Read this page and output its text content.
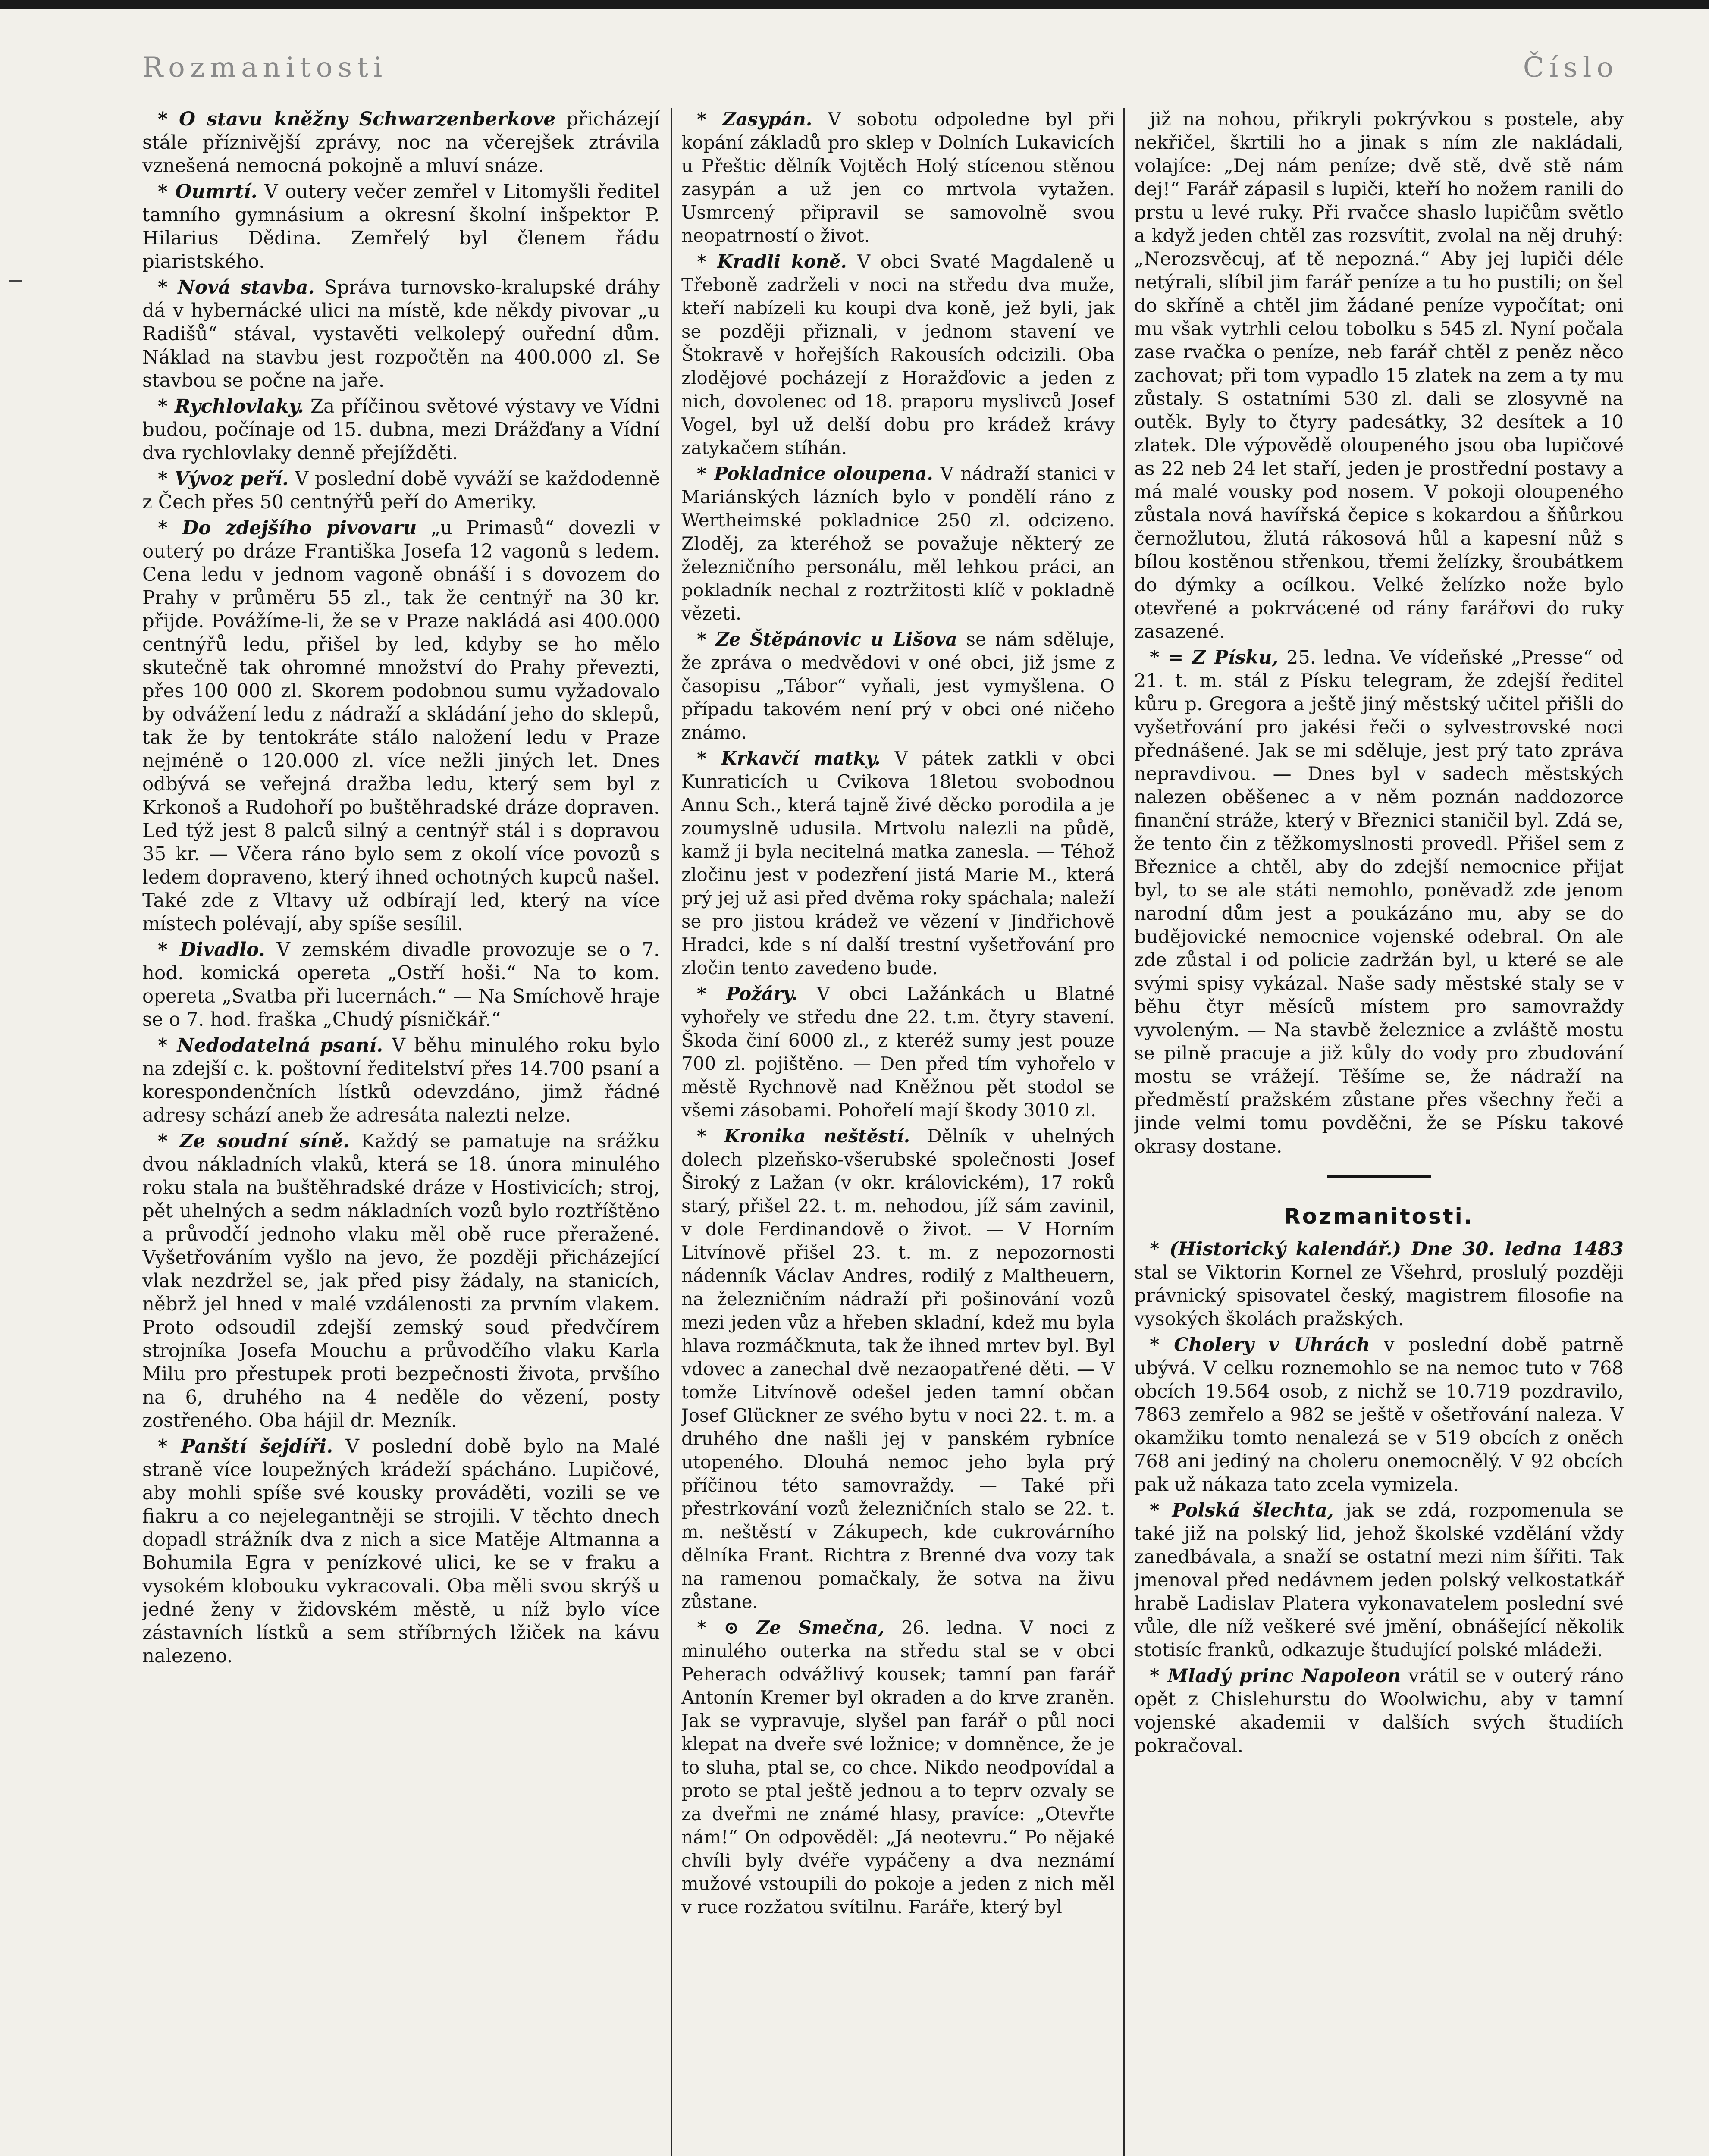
Rozmanitosti	Číslo

* O stavu kněžny Schwarzenberkove přicházejí stále příznivější zprávy, noc na včerejšek ztrávila vznešená nemocná pokojně a mluví snáze.

* Oumrtí. V outery večer zemřel v Litomyšli ředitel tamního gymnásium a okresní školní inšpektor P. Hilarius Dědina. Zemřelý byl členem řádu piaristského.

* Nová stavba. Správa turnovsko-kralupské dráhy dá v hybernácké ulici na místě, kde někdy pivovar „u Radišů“ stával, vystavěti velkolepý ouřední dům. Náklad na stavbu jest rozpočtěn na 400.000 zl. Se stavbou se počne na jaře.

* Rychlovlaky. Za příčinou světové výstavy ve Vídni budou, počínaje od 15. dubna, mezi Drážďany a Vídní dva rychlovlaky denně přejížděti.

* Vývoz peří. V poslední době vyváží se každodenně z Čech přes 50 centnýřů peří do Ameriky.

* Do zdejšího pivovaru „u Primasů“ dovezli v outerý po dráze Františka Josefa 12 vagonů s ledem. Cena ledu v jednom vagoně obnáší i s dovozem do Prahy v průměru 55 zl., tak že centnýř na 30 kr. přijde. Povážíme-li, že se v Praze nakládá asi 400.000 centnýřů ledu, přišel by led, kdyby se ho mělo skutečně tak ohromné množství do Prahy převezti, přes 100 000 zl. Skorem podobnou sumu vyžadovalo by odvážení ledu z nádraží a skládání jeho do sklepů, tak že by tentokráte stálo naložení ledu v Praze nejméně o 120.000 zl. více nežli jiných let. Dnes odbývá se veřejná dražba ledu, který sem byl z Krkonoš a Rudohoří po buštěhradské dráze dopraven. Led týž jest 8 palců silný a centnýř stál i s dopravou 35 kr. — Včera ráno bylo sem z okolí více povozů s ledem dopraveno, který ihned ochotných kupců našel. Také zde z Vltavy už odbírají led, který na více místech polévají, aby spíše sesílil.

* Divadlo. V zemském divadle provozuje se o 7. hod. komická opereta „Ostří hoši.“ Na to kom. opereta „Svatba při lucernách.“ — Na Smíchově hraje se o 7. hod. fraška „Chudý písničkář.“

* Nedodatelná psaní. V běhu minulého roku bylo na zdejší c. k. poštovní ředitelství přes 14.700 psaní a korespondenčních lístků odevzdáno, jimž řádné adresy schází aneb že adresáta nalezti nelze.

* Ze soudní síně. Každý se pamatuje na srážku dvou nákladních vlaků, která se 18. února minulého roku stala na buštěhradské dráze v Hostivicích; stroj, pět uhelných a sedm nákladních vozů bylo roztříštěno a průvodčí jednoho vlaku měl obě ruce přeražené. Vyšetřováním vyšlo na jevo, že později přicházející vlak nezdržel se, jak před pisy žádaly, na stanicích, něbrž jel hned v malé vzdálenosti za prvním vlakem. Proto odsoudil zdejší zemský soud předvčírem strojníka Josefa Mouchu a průvodčího vlaku Karla Milu pro přestupek proti bezpečnosti života, prvšího na 6, druhého na 4 neděle do vězení, posty zostřeného. Oba hájil dr. Mezník.

* Panští šejdíři. V poslední době bylo na Malé straně více loupežných krádeží spácháno. Lupičové, aby mohli spíše své kousky prováděti, vozili se ve fiakru a co nejelegantněji se strojili. V těchto dnech dopadl strážník dva z nich a sice Matěje Altmanna a Bohumila Egra v penízkové ulici, ke se v fraku a vysokém klobouku vykracovali. Oba měli svou skrýš u jedné ženy v židovském městě, u níž bylo více zástavních lístků a sem stříbrných lžiček na kávu nalezeno.

* Zasypán. V sobotu odpoledne byl při kopání základů pro sklep v Dolních Lukavicích u Přeštic dělník Vojtěch Holý stícenou stěnou zasypán a už jen co mrtvola vytažen. Usmrcený připravil se samovolně svou neopatrností o život.

* Kradli koně. V obci Svaté Magdaleně u Třeboně zadrželi v noci na středu dva muže, kteří nabízeli ku koupi dva koně, jež byli, jak se později přiznali, v jednom stavení ve Štokravě v hořejších Rakousích odcizili. Oba zlodějové pocházejí z Horažďovic a jeden z nich, dovolenec od 18. praporu myslivců Josef Vogel, byl už delší dobu pro krádež krávy zatykačem stíhán.

* Pokladnice oloupena. V nádraží stanici v Mariánských lázních bylo v pondělí ráno z Wertheimské pokladnice 250 zl. odcizeno. Zloděj, za kteréhož se považuje některý ze železničního personálu, měl lehkou práci, an pokladník nechal z roztržitosti klíč v pokladně vězeti.

* Ze Štěpánovic u Lišova se nám sděluje, že zpráva o medvědovi v oné obci, již jsme z časopisu „Tábor“ vyňali, jest vymyšlena. O případu takovém není prý v obci oné ničeho známo.

* Krkavčí matky. V pátek zatkli v obci Kunraticích u Cvikova 18letou svobodnou Annu Sch., která tajně živé děcko porodila a je zoumyslně udusila. Mrtvolu nalezli na půdě, kamž ji byla necitelná matka zanesla. — Téhož zločinu jest v podezření jistá Marie M., která prý jej už asi před dvěma roky spáchala; naleží se pro jistou krádež ve vězení v Jindřichově Hradci, kde s ní další trestní vyšetřování pro zločin tento zavedeno bude.

* Požáry. V obci Lažánkách u Blatné vyhořely ve středu dne 22. t.m. čtyry stavení. Škoda činí 6000 zl., z kteréž sumy jest pouze 700 zl. pojištěno. — Den před tím vyhořelo v městě Rychnově nad Kněžnou pět stodol se všemi zásobami. Pohořelí mají škody 3010 zl.

* Kronika neštěstí. Dělník v uhelných dolech plzeňsko-všerubské společnosti Josef Široký z Lažan (v okr. královickém), 17 roků starý, přišel 22. t. m. nehodou, jíž sám zavinil, v dole Ferdinandově o život. — V Horním Litvínově přišel 23. t. m. z nepozornosti nádenník Václav Andres, rodilý z Maltheuern, na železničním nádraží při pošinování vozů mezi jeden vůz a hřeben skladní, kdež mu byla hlava rozmáčknuta, tak že ihned mrtev byl. Byl vdovec a zanechal dvě nezaopatřené děti. — V tomže Litvínově odešel jeden tamní občan Josef Glückner ze svého bytu v noci 22. t. m. a druhého dne našli jej v panském rybníce utopeného. Dlouhá nemoc jeho byla prý příčinou této samovraždy. — Také při přestrkování vozů železničních stalo se 22. t. m. neštěstí v Zákupech, kde cukrovárního dělníka Frant. Richtra z Brenné dva vozy tak na ramenou pomačkaly, že sotva na živu zůstane.

* ⊙ Ze Smečna, 26. ledna. V noci z minulého outerka na středu stal se v obci Peherach odvážlivý kousek; tamní pan farář Antonín Kremer byl okraden a do krve zraněn. Jak se vypravuje, slyšel pan farář o půl noci klepat na dveře své ložnice; v domněnce, že je to sluha, ptal se, co chce. Nikdo neodpovídal a proto se ptal ještě jednou a to teprv ozvaly se za dveřmi ne známé hlasy, pravíce: „Otevřte nám!“ On odpověděl: „Já neotevru.“ Po nějaké chvíli byly dvéře vypáčeny a dva neznámí mužové vstoupili do pokoje a jeden z nich měl v ruce rozžatou svítilnu. Faráře, který byl

již na nohou, přikryli pokrývkou s postele, aby nekřičel, škrtili ho a jinak s ním zle nakládali, volajíce: „Dej nám peníze; dvě stě, dvě stě nám dej!“ Farář zápasil s lupiči, kteří ho nožem ranili do prstu u levé ruky. Při rvačce shaslo lupičům světlo a když jeden chtěl zas rozsvítit, zvolal na něj druhý: „Nerozsvěcuj, ať tě nepozná.“ Aby jej lupiči déle netýrali, slíbil jim farář peníze a tu ho pustili; on šel do skříně a chtěl jim žádané peníze vypočítat; oni mu však vytrhli celou tobolku s 545 zl. Nyní počala zase rvačka o peníze, neb farář chtěl z peněz něco zachovat; při tom vypadlo 15 zlatek na zem a ty mu zůstaly. S ostatními 530 zl. dali se zlosyvně na outěk. Byly to čtyry padesátky, 32 desítek a 10 zlatek. Dle výpovědě oloupeného jsou oba lupičové as 22 neb 24 let staří, jeden je prostřední postavy a má malé vousky pod nosem. V pokoji oloupeného zůstala nová havířská čepice s kokardou a šňůrkou černožlutou, žlutá rákosová hůl a kapesní nůž s bílou kostěnou střenkou, třemi želízky, šroubátkem do dýmky a ocílkou. Velké želízko nože bylo otevřené a pokrvácené od rány farářovi do ruky zasazené.

* = Z Písku, 25. ledna. Ve vídeňské „Presse“ od 21. t. m. stál z Písku telegram, že zdejší ředitel kůru p. Gregora a ještě jiný městský učitel přišli do vyšetřování pro jakési řeči o sylvestrovské noci přednášené. Jak se mi sděluje, jest prý tato zpráva nepravdivou. — Dnes byl v sadech městských nalezen oběšenec a v něm poznán naddozorce finanční stráže, který v Březnici staničil byl. Zdá se, že tento čin z těžkomyslnosti provedl. Přišel sem z Březnice a chtěl, aby do zdejší nemocnice přijat byl, to se ale státi nemohlo, poněvadž zde jenom narodní dům jest a poukázáno mu, aby se do budějovické nemocnice vojenské odebral. On ale zde zůstal i od policie zadržán byl, u které se ale svými spisy vykázal. Naše sady městské staly se v běhu čtyr měsíců místem pro samovraždy vyvoleným. — Na stavbě železnice a zvláště mostu se pilně pracuje a již kůly do vody pro zbudování mostu se vrážejí. Těšíme se, že nádraží na předměstí pražském zůstane přes všechny řeči a jinde velmi tomu povděčni, že se Písku takové okrasy dostane.

Rozmanitosti.

* (Historický kalendář.) Dne 30. ledna 1483 stal se Viktorin Kornel ze Všehrd, proslulý později právnický spisovatel český, magistrem filosofie na vysokých školách pražských.

* Cholery v Uhrách v poslední době patrně ubývá. V celku roznemohlo se na nemoc tuto v 768 obcích 19.564 osob, z nichž se 10.719 pozdravilo, 7863 zemřelo a 982 se ještě v ošetřování naleza. V okamžiku tomto nenalezá se v 519 obcích z oněch 768 ani jediný na choleru onemocnělý. V 92 obcích pak už nákaza tato zcela vymizela.

* Polská šlechta, jak se zdá, rozpomenula se také již na polský lid, jehož školské vzdělání vždy zanedbávala, a snaží se ostatní mezi nim šířiti. Tak jmenoval před nedávnem jeden polský velkostatkář hrabě Ladislav Platera vykonavatelem poslední své vůle, dle níž veškeré své jmění, obnášející několik stotisíc franků, odkazuje študující polské mládeži.

* Mladý princ Napoleon vrátil se v outerý ráno opět z Chislehurstu do Woolwichu, aby v tamní vojenské akademii v dalších svých študiích pokračoval.
